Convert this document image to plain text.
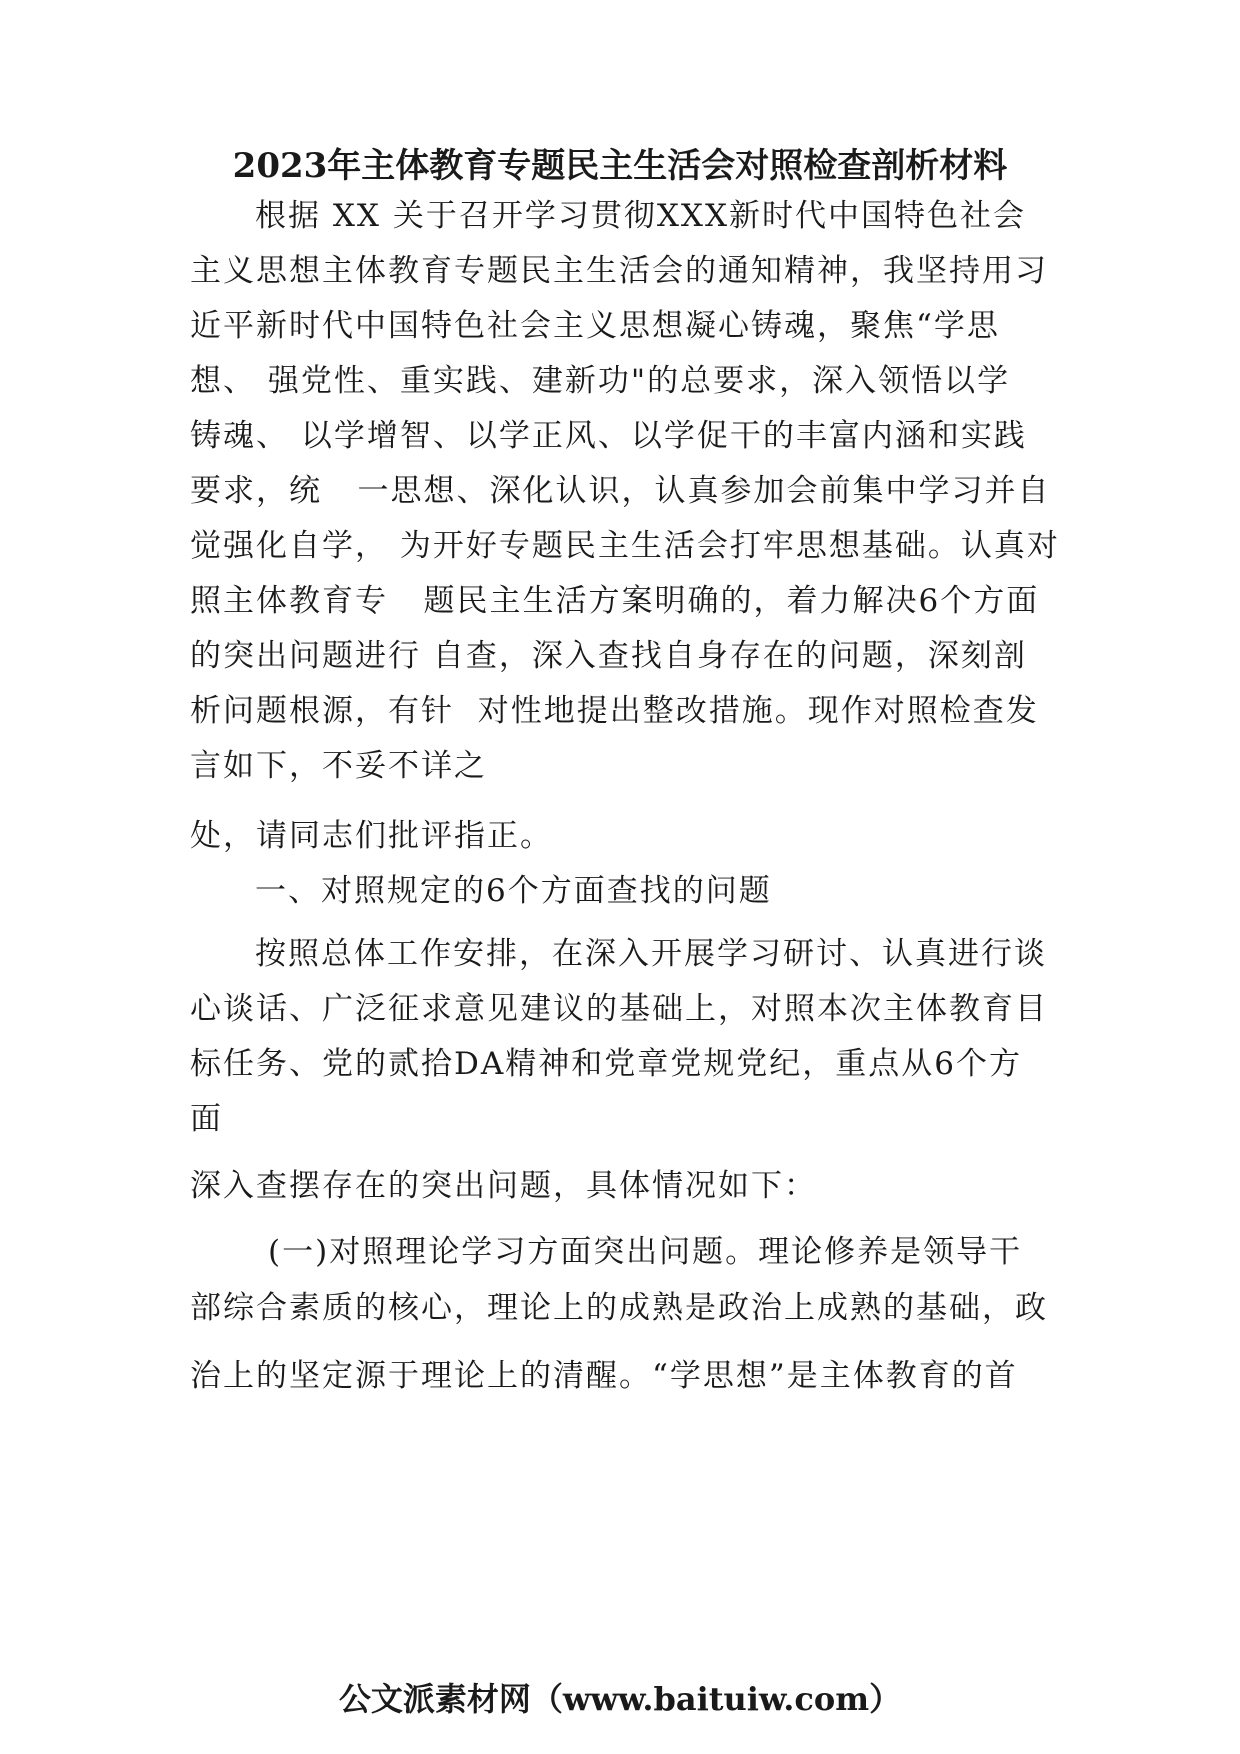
2023年主体教育专题民主生活会对照检查剖析材料
根据 XX 关于召开学习贯彻XXX新时代中国特色社会
主义思想主体教育专题民主生活会的通知精神，我坚持用习
近平新时代中国特色社会主义思想凝心铸魂，聚焦“学思
想、 强党性、重实践、建新功"的总要求，深入领悟以学
铸魂、 以学增智、以学正风、以学促干的丰富内涵和实践
要求，统   一思想、深化认识，认真参加会前集中学习并自
觉强化自学， 为开好专题民主生活会打牢思想基础。认真对
照主体教育专   题民主生活方案明确的，着力解决6个方面
的突出问题进行 自查，深入查找自身存在的问题，深刻剖
析问题根源，有针  对性地提出整改措施。现作对照检查发
言如下，不妥不详之
处，请同志们批评指正。
一、对照规定的6个方面查找的问题
按照总体工作安排，在深入开展学习研讨、认真进行谈
心谈话、广泛征求意见建议的基础上，对照本次主体教育目
标任务、党的贰拾DA精神和党章党规党纪，重点从6个方
面
深入查摆存在的突出问题，具体情况如下：
(一)对照理论学习方面突出问题。理论修养是领导干
部综合素质的核心，理论上的成熟是政治上成熟的基础，政
治上的坚定源于理论上的清醒。“学思想”是主体教育的首
公文派素材网（www.baituiw.com）
